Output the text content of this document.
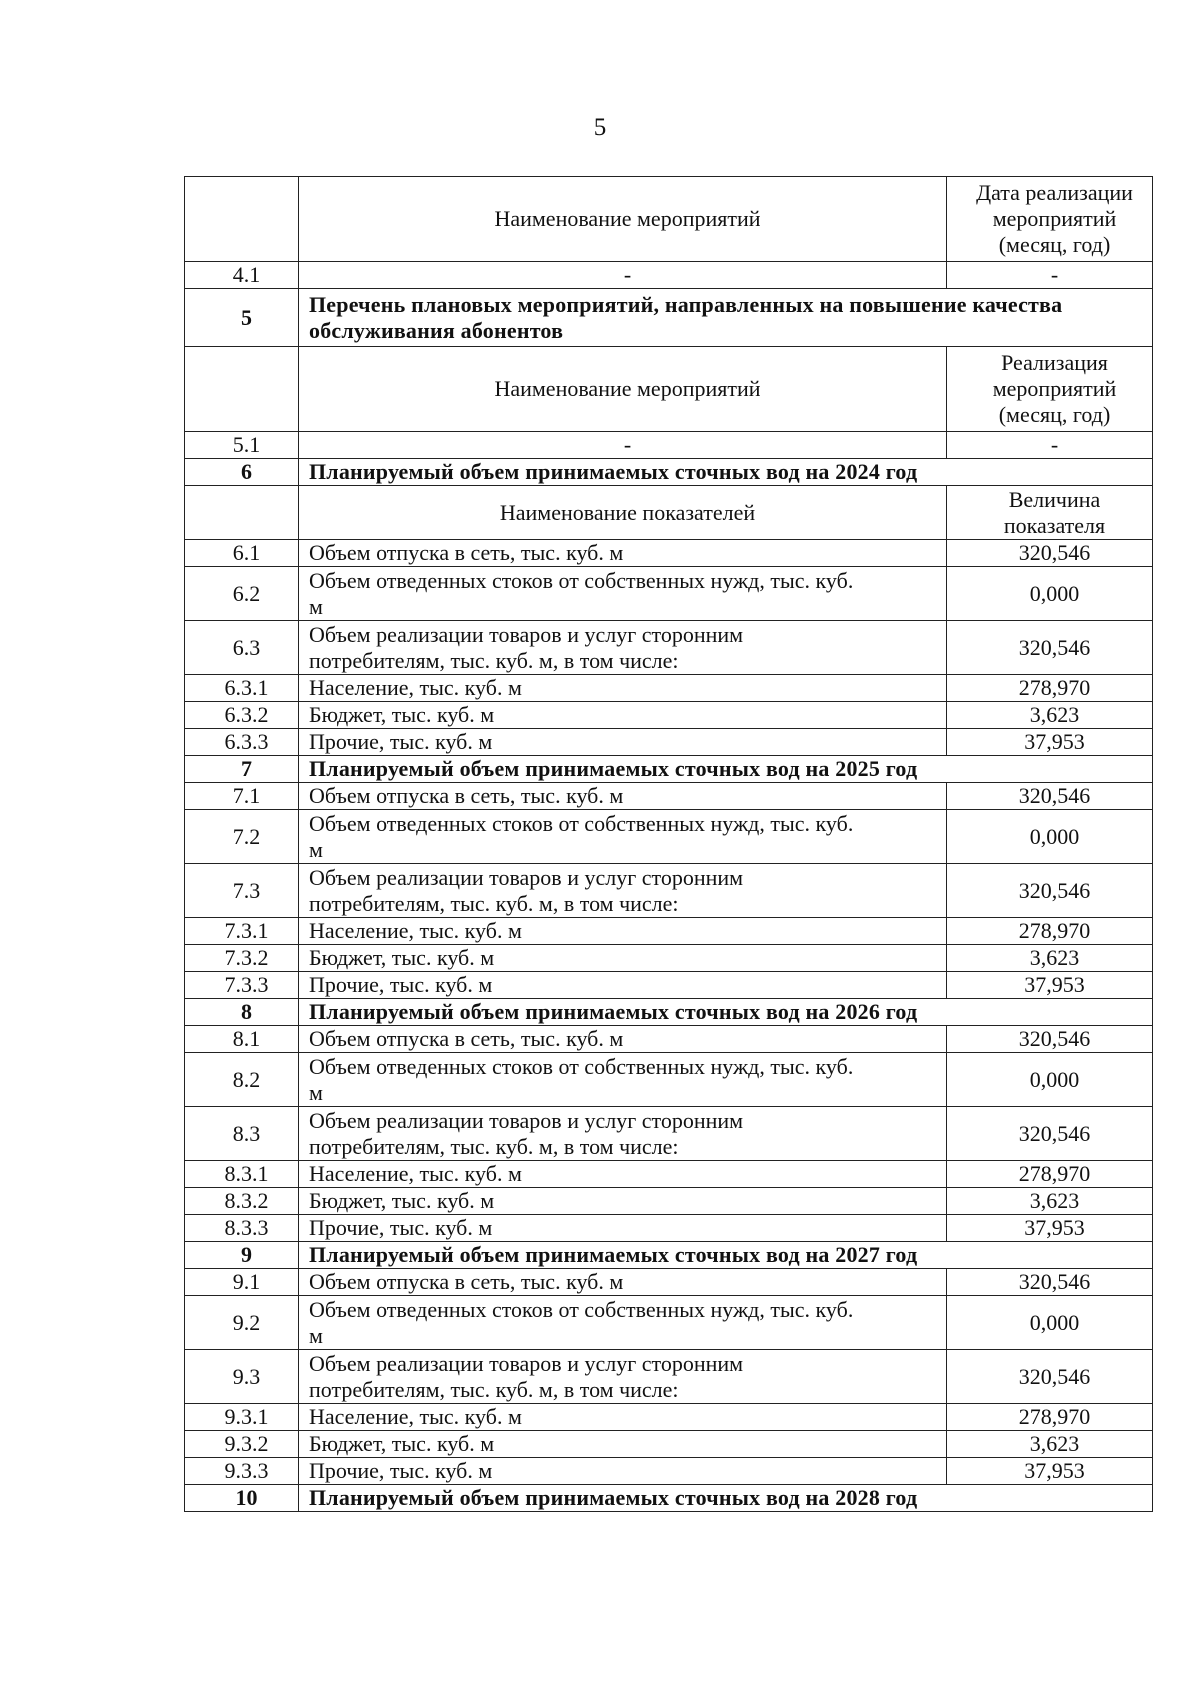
5
	Наименование мероприятий	Дата реализации мероприятий (месяц, год)
4.1	-	-
5	Перечень плановых мероприятий, направленных на повышение качества обслуживания абонентов	
	Наименование мероприятий	Реализация мероприятий (месяц, год)
5.1	-	-
6	Планируемый объем принимаемых сточных вод на 2024 год	
	Наименование показателей	Величина показателя
6.1	Объем отпуска в сеть, тыс. куб. м	320,546
6.2	Объем отведенных стоков от собственных нужд, тыс. куб. м	0,000
6.3	Объем реализации товаров и услуг сторонним потребителям, тыс. куб. м, в том числе:	320,546
6.3.1	Население, тыс. куб. м	278,970
6.3.2	Бюджет, тыс. куб. м	3,623
6.3.3	Прочие, тыс. куб. м	37,953
7	Планируемый объем принимаемых сточных вод на 2025 год	
7.1	Объем отпуска в сеть, тыс. куб. м	320,546
7.2	Объем отведенных стоков от собственных нужд, тыс. куб. м	0,000
7.3	Объем реализации товаров и услуг сторонним потребителям, тыс. куб. м, в том числе:	320,546
7.3.1	Население, тыс. куб. м	278,970
7.3.2	Бюджет, тыс. куб. м	3,623
7.3.3	Прочие, тыс. куб. м	37,953
8	Планируемый объем принимаемых сточных вод на 2026 год	
8.1	Объем отпуска в сеть, тыс. куб. м	320,546
8.2	Объем отведенных стоков от собственных нужд, тыс. куб. м	0,000
8.3	Объем реализации товаров и услуг сторонним потребителям, тыс. куб. м, в том числе:	320,546
8.3.1	Население, тыс. куб. м	278,970
8.3.2	Бюджет, тыс. куб. м	3,623
8.3.3	Прочие, тыс. куб. м	37,953
9	Планируемый объем принимаемых сточных вод на 2027 год	
9.1	Объем отпуска в сеть, тыс. куб. м	320,546
9.2	Объем отведенных стоков от собственных нужд, тыс. куб. м	0,000
9.3	Объем реализации товаров и услуг сторонним потребителям, тыс. куб. м, в том числе:	320,546
9.3.1	Население, тыс. куб. м	278,970
9.3.2	Бюджет, тыс. куб. м	3,623
9.3.3	Прочие, тыс. куб. м	37,953
10	Планируемый объем принимаемых сточных вод на 2028 год	
